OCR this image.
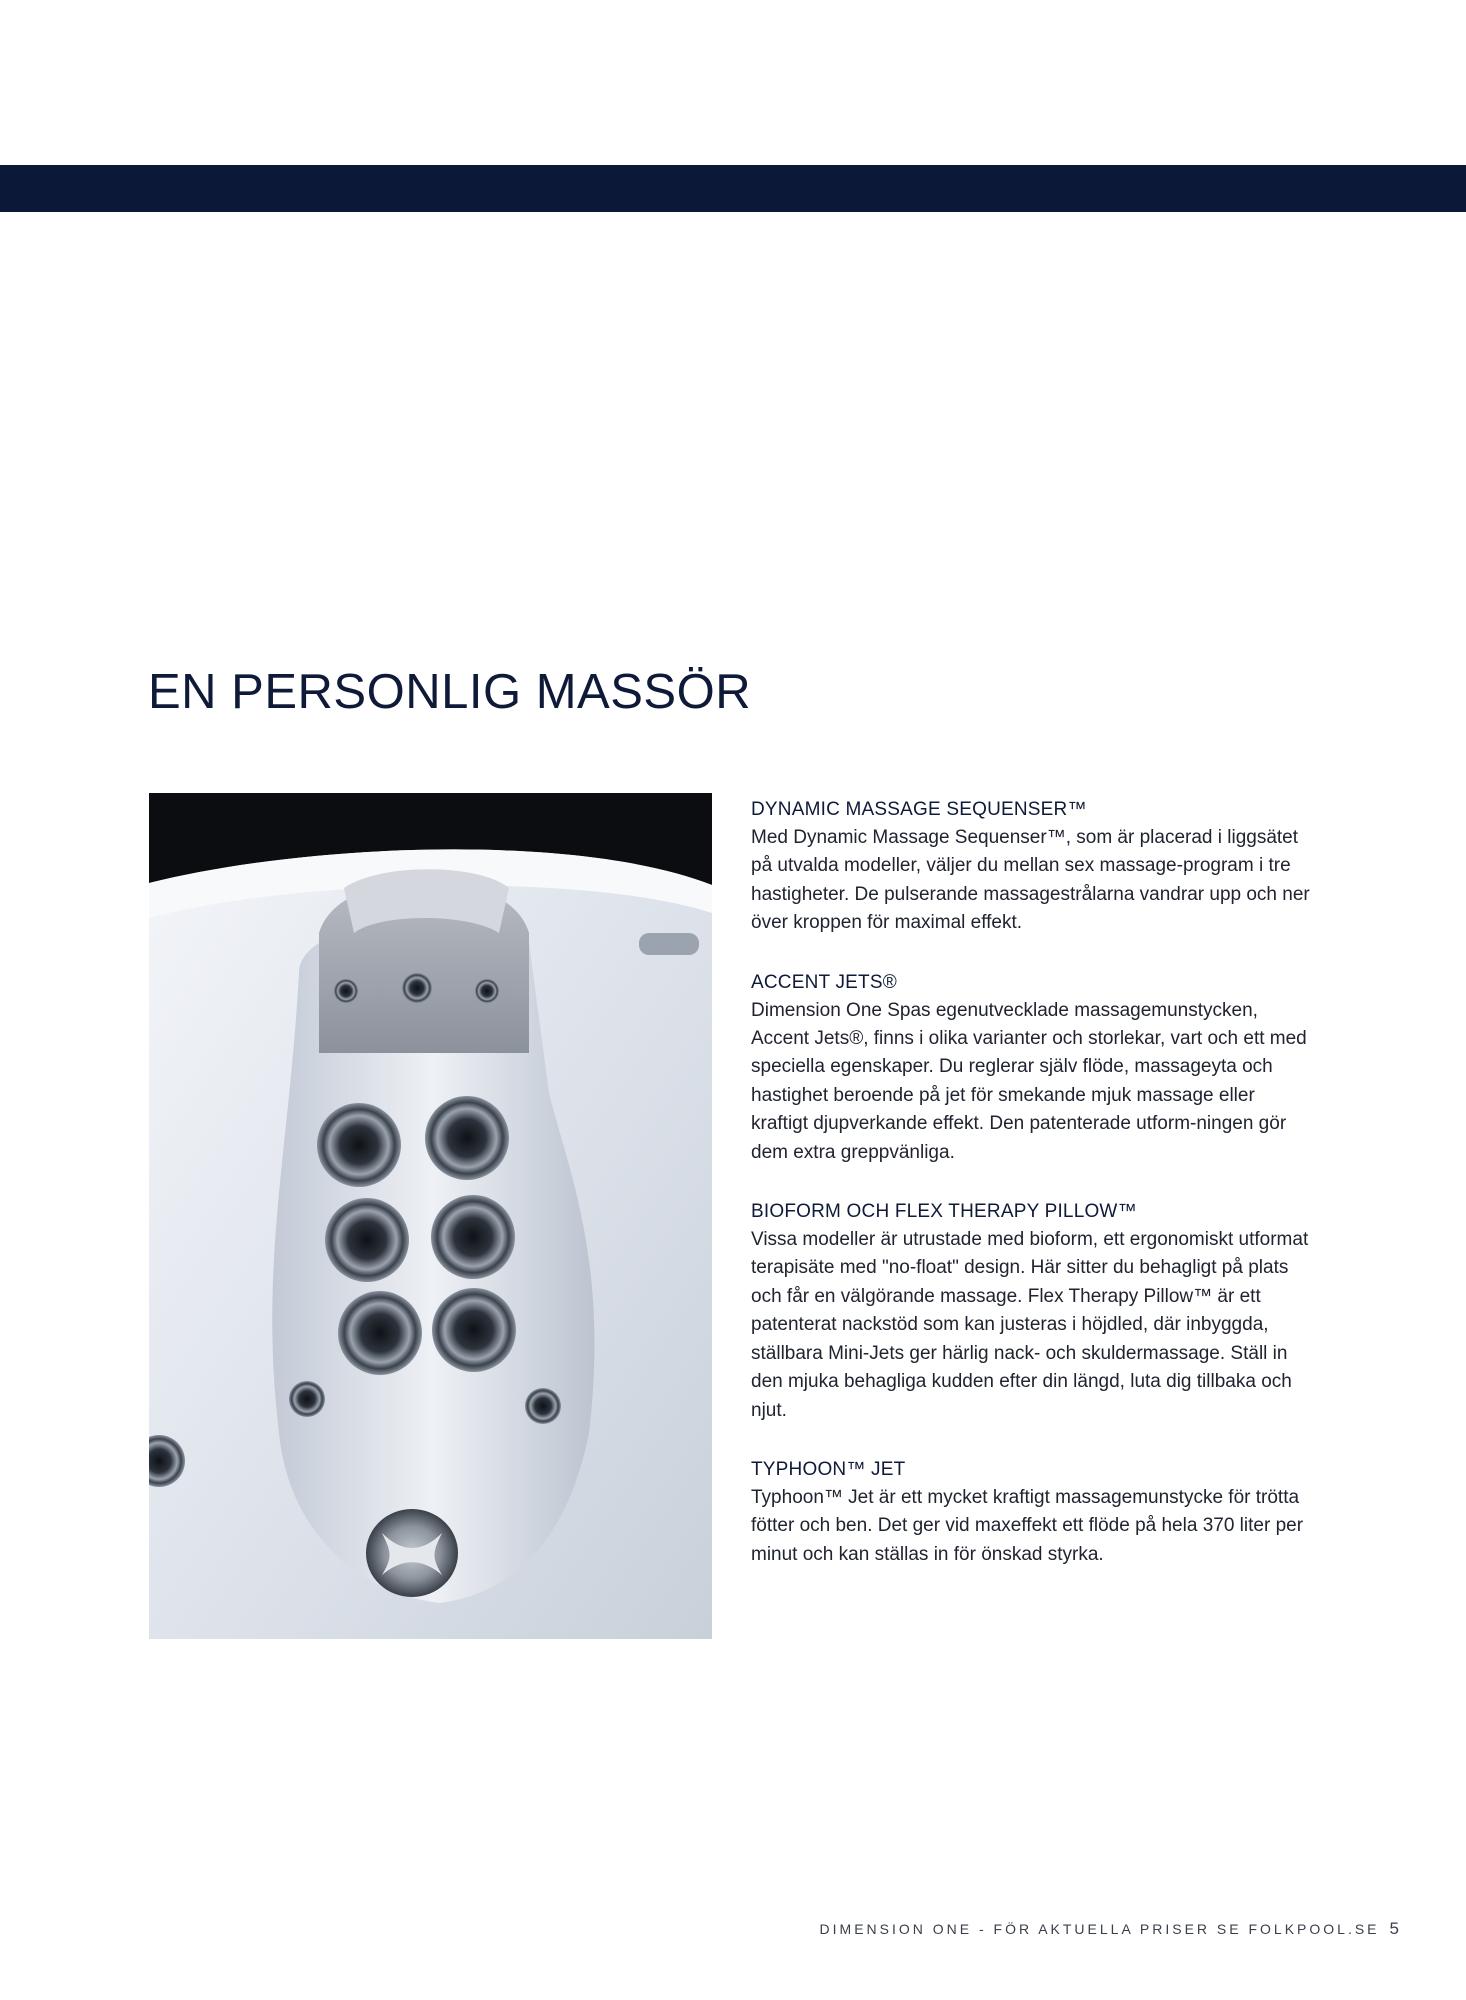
EN PERSONLIG MASSÖR
DYNAMIC MASSAGE SEQUENSER™

Med Dynamic Massage Sequenser™, som är placerad i liggsätet på utvalda modeller, väljer du mellan sex massage-program i tre hastigheter. De pulserande massagestrålarna vandrar upp och ner över kroppen för maximal effekt.

ACCENT JETS®

Dimension One Spas egenutvecklade massagemunstycken, Accent Jets®, finns i olika varianter och storlekar, vart och ett med speciella egenskaper. Du reglerar själv flöde, massageyta och hastighet beroende på jet för smekande mjuk massage eller kraftigt djupverkande effekt. Den patenterade utform-ningen gör dem extra greppvänliga.

BIOFORM OCH FLEX THERAPY PILLOW™

Vissa modeller är utrustade med bioform, ett ergonomiskt utformat terapisäte med "no-float" design. Här sitter du behagligt på plats och får en välgörande massage. Flex Therapy Pillow™ är ett patenterat nackstöd som kan justeras i höjdled, där inbyggda, ställbara Mini-Jets ger härlig nack- och skuldermassage. Ställ in den mjuka behagliga kudden efter din längd, luta dig tillbaka och njut.

TYPHOON™ JET

Typhoon™ Jet är ett mycket kraftigt massagemunstycke för trötta fötter och ben. Det ger vid maxeffekt ett flöde på hela 370 liter per minut och kan ställas in för önskad styrka.

DIMENSION ONE - FÖR AKTUELLA PRISER SE FOLKPOOL.SE 5
